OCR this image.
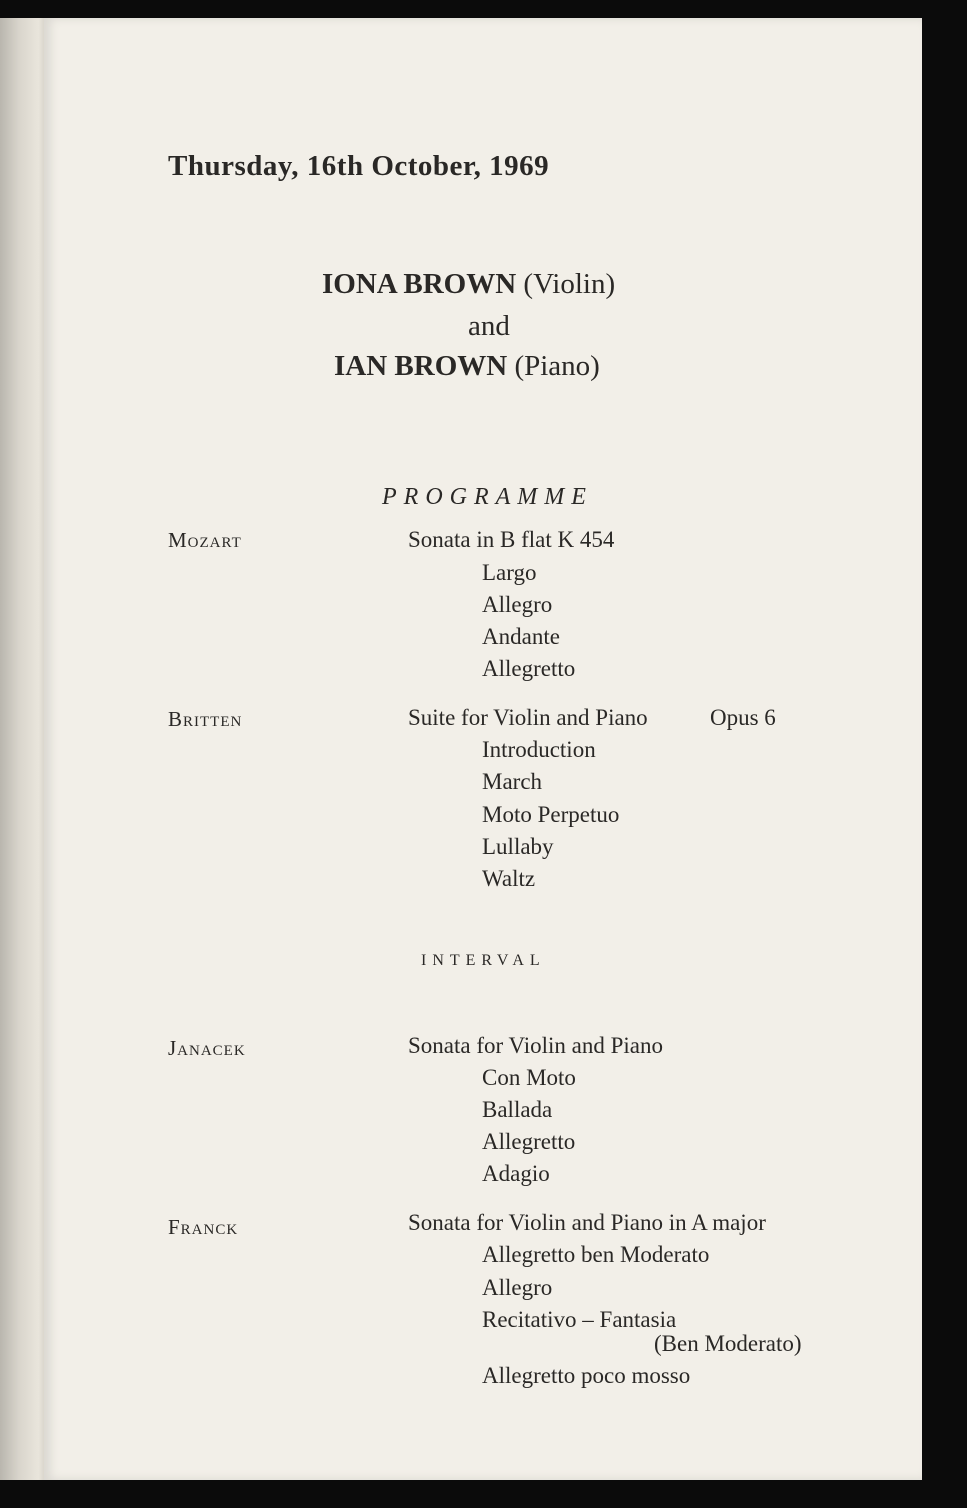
Thursday, 16th October, 1969
IONA BROWN (Violin)
and
IAN BROWN (Piano)
PROGRAMME
Mozart	Sonata in B flat K 454
Largo
Allegro
Andante
Allegretto
Britten	Suite for Violin and Piano	Opus 6
Introduction
March
Moto Perpetuo
Lullaby
Waltz
INTERVAL
Janacek	Sonata for Violin and Piano
Con Moto
Ballada
Allegretto
Adagio
Franck	Sonata for Violin and Piano in A major
Allegretto ben Moderato
Allegro
Recitativo – Fantasia
(Ben Moderato)
Allegretto poco mosso
